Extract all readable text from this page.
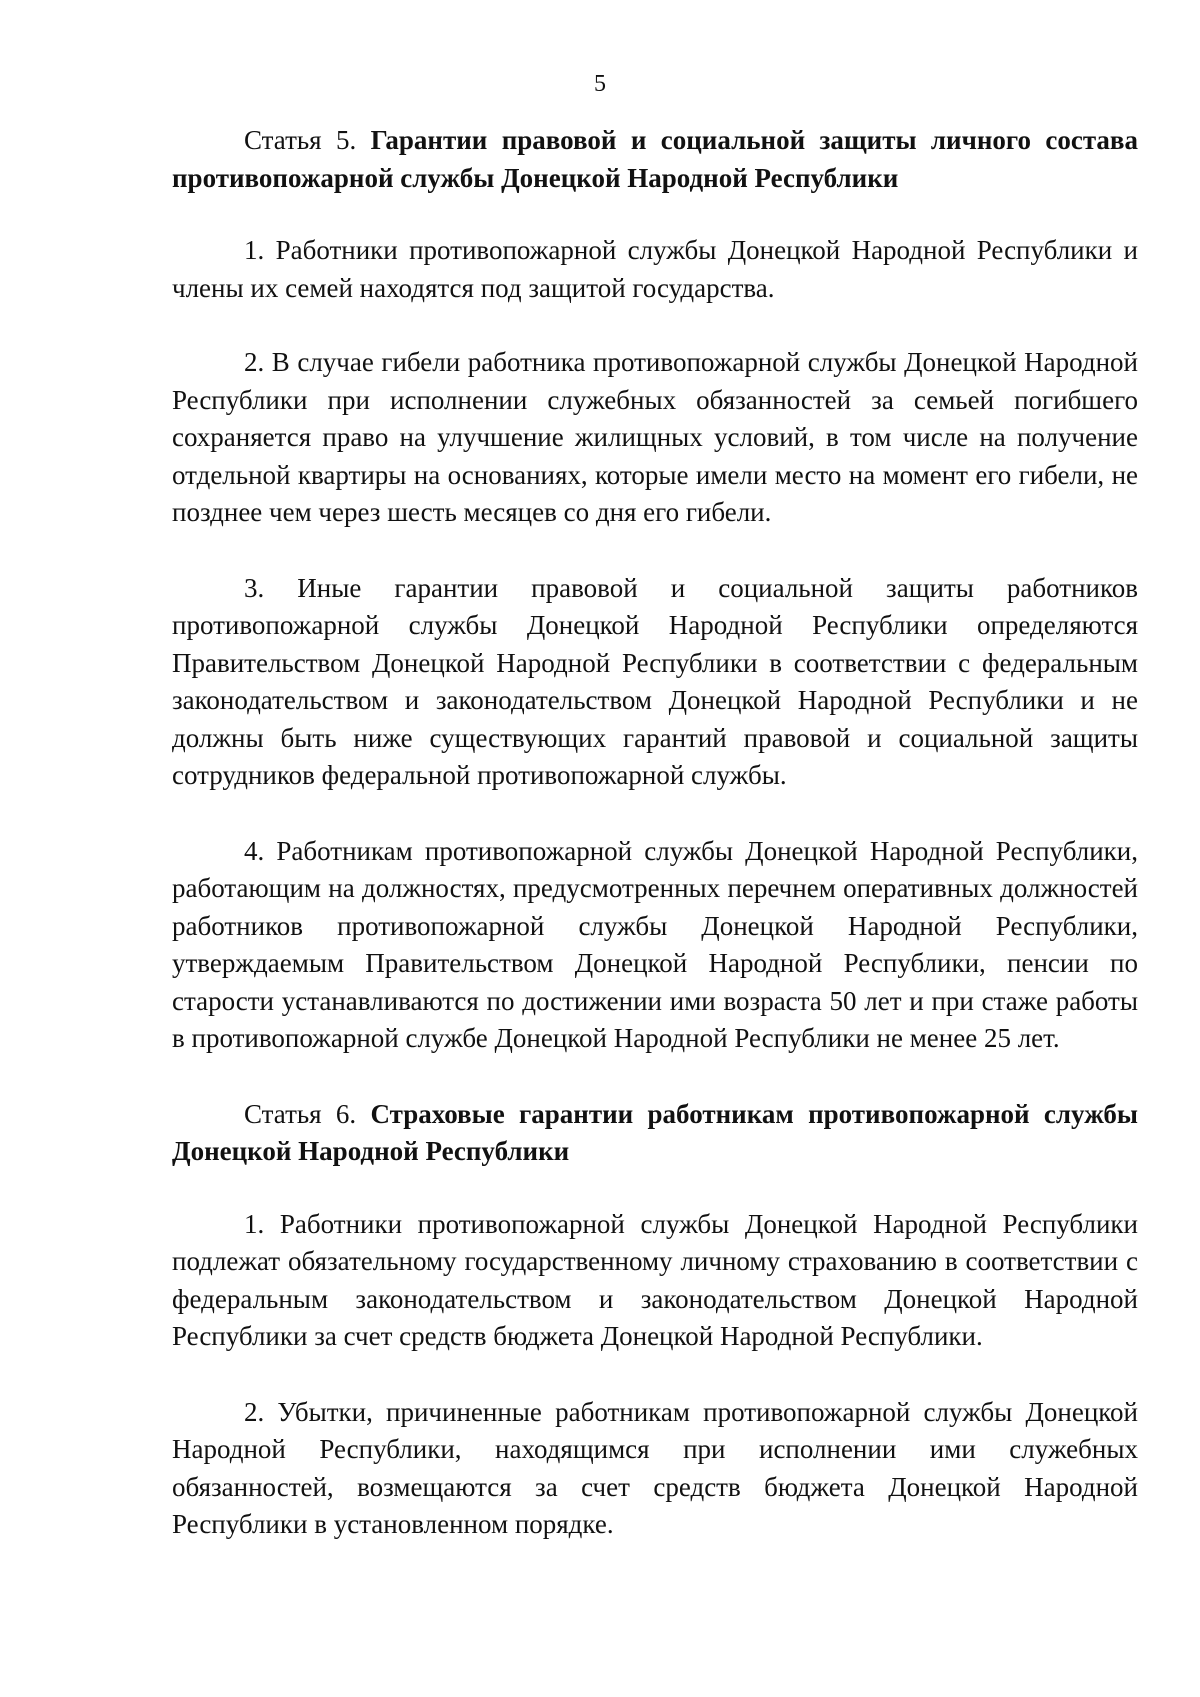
5

Статья 5. Гарантии правовой и социальной защиты личного состава противопожарной службы Донецкой Народной Республики

1. Работники противопожарной службы Донецкой Народной Республики и члены их семей находятся под защитой государства.

2. В случае гибели работника противопожарной службы Донецкой Народной Республики при исполнении служебных обязанностей за семьей погибшего сохраняется право на улучшение жилищных условий, в том числе на получение отдельной квартиры на основаниях, которые имели место на момент его гибели, не позднее чем через шесть месяцев со дня его гибели.

3. Иные гарантии правовой и социальной защиты работников противопожарной службы Донецкой Народной Республики определяются Правительством Донецкой Народной Республики в соответствии с федеральным законодательством и законодательством Донецкой Народной Республики и не должны быть ниже существующих гарантий правовой и социальной защиты сотрудников федеральной противопожарной службы.

4. Работникам противопожарной службы Донецкой Народной Республики, работающим на должностях, предусмотренных перечнем оперативных должностей работников противопожарной службы Донецкой Народной Республики, утверждаемым Правительством Донецкой Народной Республики, пенсии по старости устанавливаются по достижении ими возраста 50 лет и при стаже работы в противопожарной службе Донецкой Народной Республики не менее 25 лет.

Статья 6. Страховые гарантии работникам противопожарной службы Донецкой Народной Республики

1. Работники противопожарной службы Донецкой Народной Республики подлежат обязательному государственному личному страхованию в соответствии с федеральным законодательством и законодательством Донецкой Народной Республики за счет средств бюджета Донецкой Народной Республики.

2. Убытки, причиненные работникам противопожарной службы Донецкой Народной Республики, находящимся при исполнении ими служебных обязанностей, возмещаются за счет средств бюджета Донецкой Народной Республики в установленном порядке.
